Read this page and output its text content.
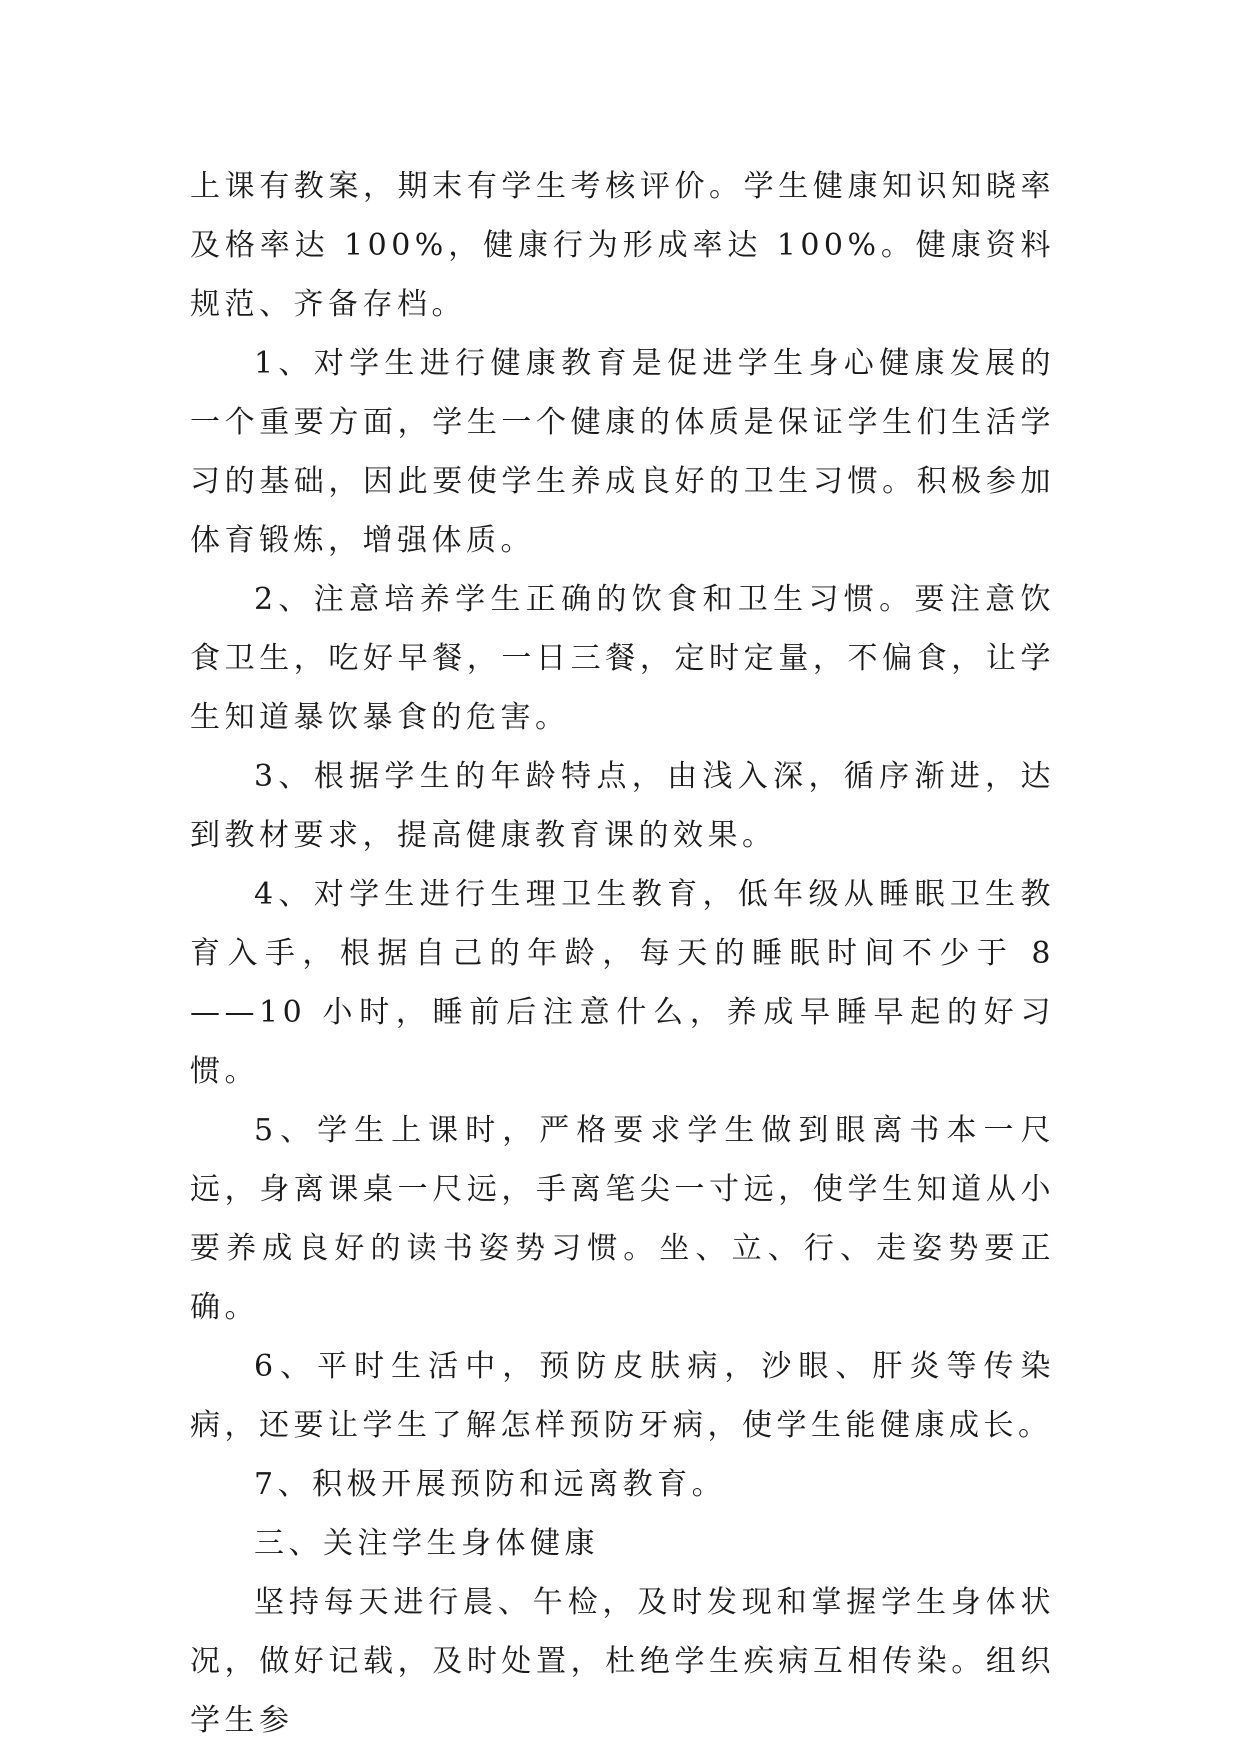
上课有教案，期末有学生考核评价。学生健康知识知晓率及格率达 100%，健康行为形成率达 100%。健康资料规范、齐备存档。

1、对学生进行健康教育是促进学生身心健康发展的一个重要方面，学生一个健康的体质是保证学生们生活学习的基础，因此要使学生养成良好的卫生习惯。积极参加体育锻炼，增强体质。

2、注意培养学生正确的饮食和卫生习惯。要注意饮食卫生，吃好早餐，一日三餐，定时定量，不偏食，让学生知道暴饮暴食的危害。

3、根据学生的年龄特点，由浅入深，循序渐进，达到教材要求，提高健康教育课的效果。

4、对学生进行生理卫生教育，低年级从睡眠卫生教育入手，根据自己的年龄，每天的睡眠时间不少于 8——10 小时，睡前后注意什么，养成早睡早起的好习惯。

5、学生上课时，严格要求学生做到眼离书本一尺远，身离课桌一尺远，手离笔尖一寸远，使学生知道从小要养成良好的读书姿势习惯。坐、立、行、走姿势要正确。

6、平时生活中，预防皮肤病，沙眼、肝炎等传染病，还要让学生了解怎样预防牙病，使学生能健康成长。

7、积极开展预防和远离教育。

三、关注学生身体健康

坚持每天进行晨、午检，及时发现和掌握学生身体状况，做好记载，及时处置，杜绝学生疾病互相传染。组织学生参
